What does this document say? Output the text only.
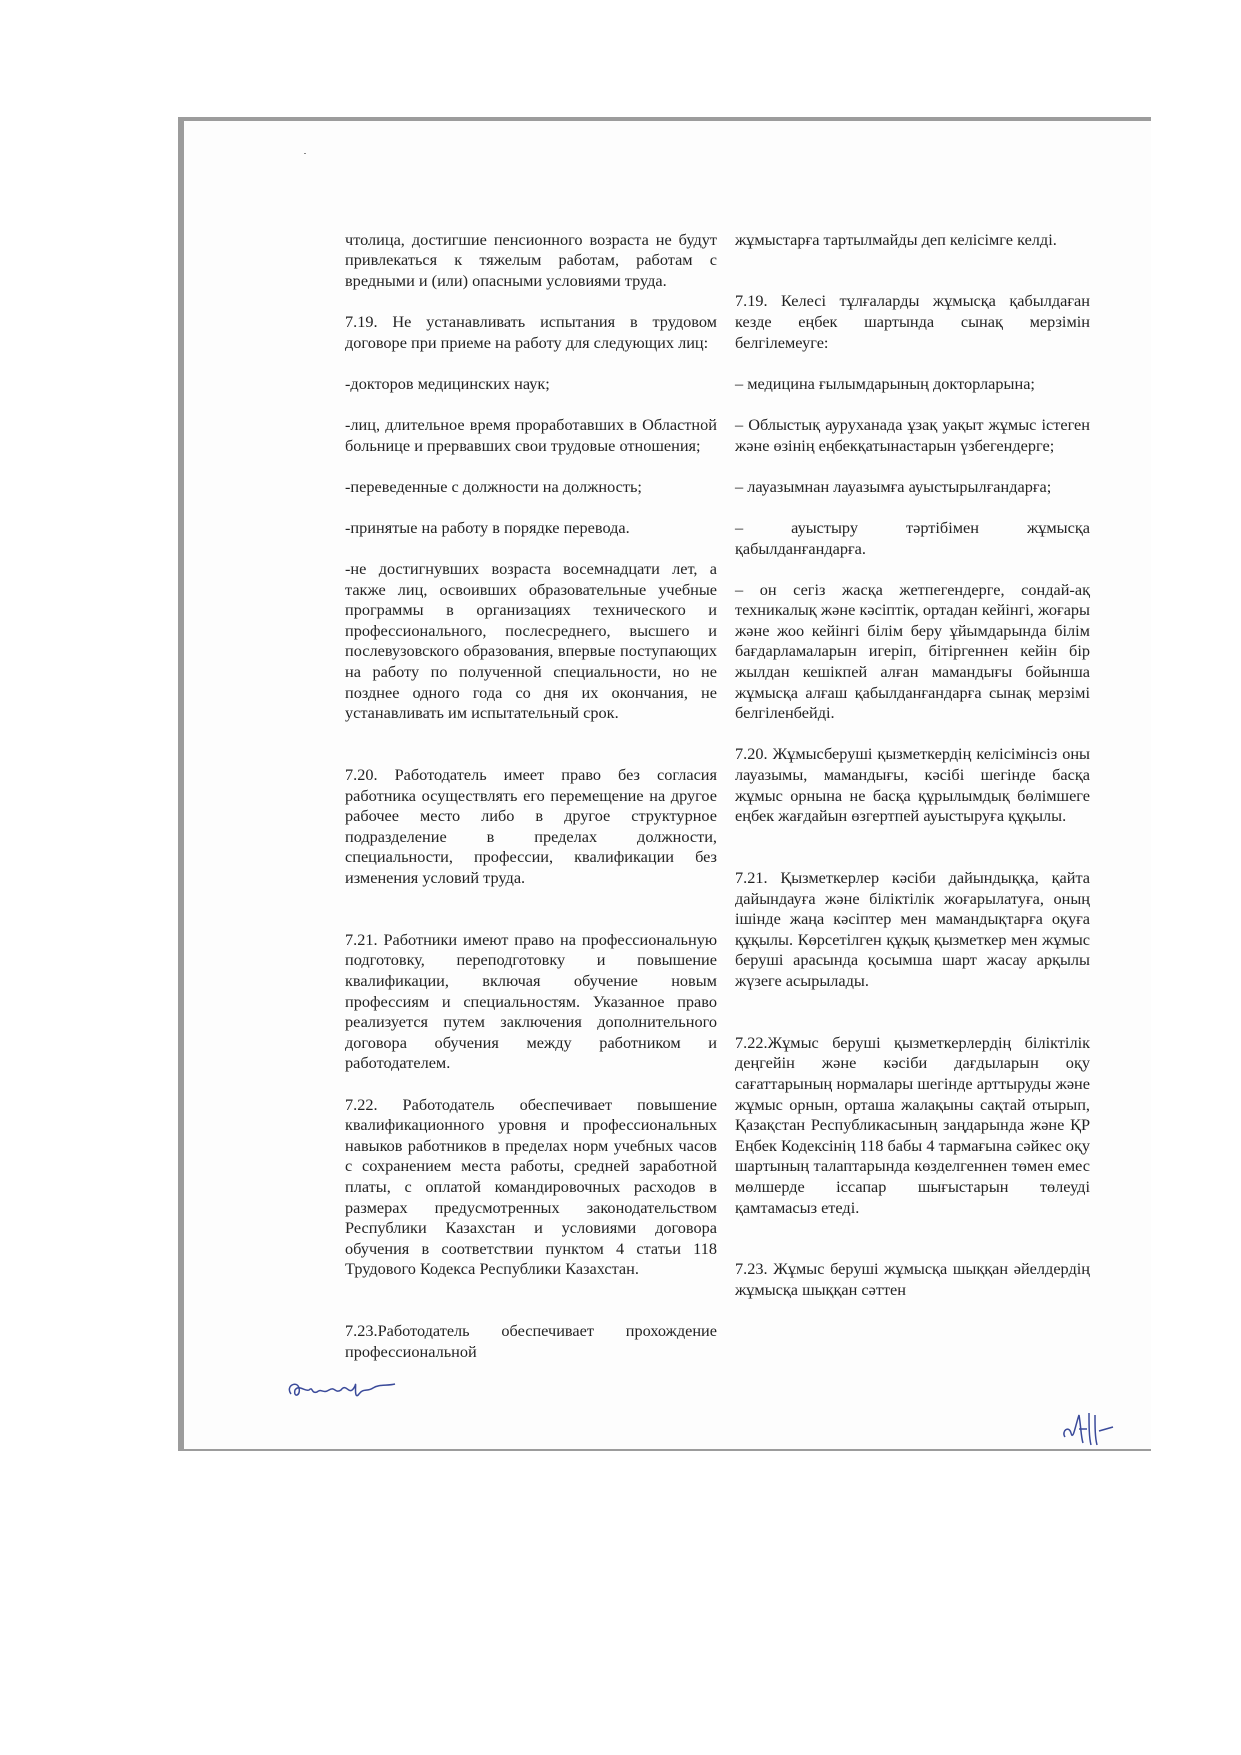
чтолица, достигшие пенсионного возраста не будут привлекаться к тяжелым работам, работам с вредными и (или) опасными условиями труда.

7.19. Не устанавливать испытания в трудовом договоре при приеме на работу для следующих лиц:

-докторов медицинских наук;

-лиц, длительное время проработавших в Областной больнице и прервавших свои трудовые отношения;

-переведенные с должности на должность;

-принятые на работу в порядке перевода.

-не достигнувших возраста восемнадцати лет, а также лиц, освоивших образовательные учебные программы в организациях технического и профессионального, послесреднего, высшего и послевузовского образования, впервые поступающих на работу по полученной специальности, но не позднее одного года со дня их окончания, не устанавливать им испытательный срок.

7.20. Работодатель имеет право без согласия работника осуществлять его перемещение на другое рабочее место либо в другое структурное подразделение в пределах должности, специальности, профессии, квалификации без изменения условий труда.

7.21. Работники имеют право на профессиональную подготовку, переподготовку и повышение квалификации, включая обучение новым профессиям и специальностям. Указанное право реализуется путем заключения дополнительного договора обучения между работником и работодателем.

7.22. Работодатель обеспечивает повышение квалификационного уровня и профессиональных навыков работников в пределах норм учебных часов с сохранением места работы, средней заработной платы, с оплатой командировочных расходов в размерах предусмотренных законодательством Республики Казахстан и условиями договора обучения в соответствии пунктом 4 статьи 118 Трудового Кодекса Республики Казахстан.

7.23.Работодатель обеспечивает прохождение профессиональной

жұмыстарға тартылмайды деп келісімге келді.

7.19. Келесі тұлғаларды жұмысқа қабылдаған кезде еңбек шартында сынақ мерзімін белгілемеуге:

– медицина ғылымдарының докторларына;

– Облыстық ауруханада ұзақ уақыт жұмыс істеген және өзінің еңбекқатынастарын үзбегендерге;

– лауазымнан лауазымға ауыстырылғандарға;

– ауыстыру тәртібімен жұмысқа қабылданғандарға.

– он сегіз жасқа жетпегендерге, сондай-ақ техникалық және кәсіптік, ортадан кейінгі, жоғары және жоо кейінгі білім беру ұйымдарында білім бағдарламаларын игеріп, бітіргеннен кейін бір жылдан кешікпей алған мамандығы бойынша жұмысқа алғаш қабылданғандарға сынақ мерзімі белгіленбейді.

7.20. Жұмысберуші қызметкердің келісімінсіз оны лауазымы, мамандығы, кәсібі шегінде басқа жұмыс орнына не басқа құрылымдық бөлімшеге еңбек жағдайын өзгертпей ауыстыруға құқылы.

7.21. Қызметкерлер кәсіби дайындыққа, қайта дайындауға және біліктілік жоғарылатуға, оның ішінде жаңа кәсіптер мен мамандықтарға оқуға құқылы. Көрсетілген құқық қызметкер мен жұмыс беруші арасында қосымша шарт жасау арқылы жүзеге асырылады.

7.22.Жұмыс беруші қызметкерлердің біліктілік деңгейін және кәсіби дағдыларын оқу сағаттарының нормалары шегінде арттыруды және жұмыс орнын, орташа жалақыны сақтай отырып, Қазақстан Республикасының заңдарында және ҚР Еңбек Кодексінің 118 бабы 4 тармағына сәйкес оқу шартының талаптарында көзделгеннен төмен емес мөлшерде іссапар шығыстарын төлеуді қамтамасыз етеді.

7.23. Жұмыс беруші жұмысқа шыққан әйелдердің жұмысқа шыққан сәттен
